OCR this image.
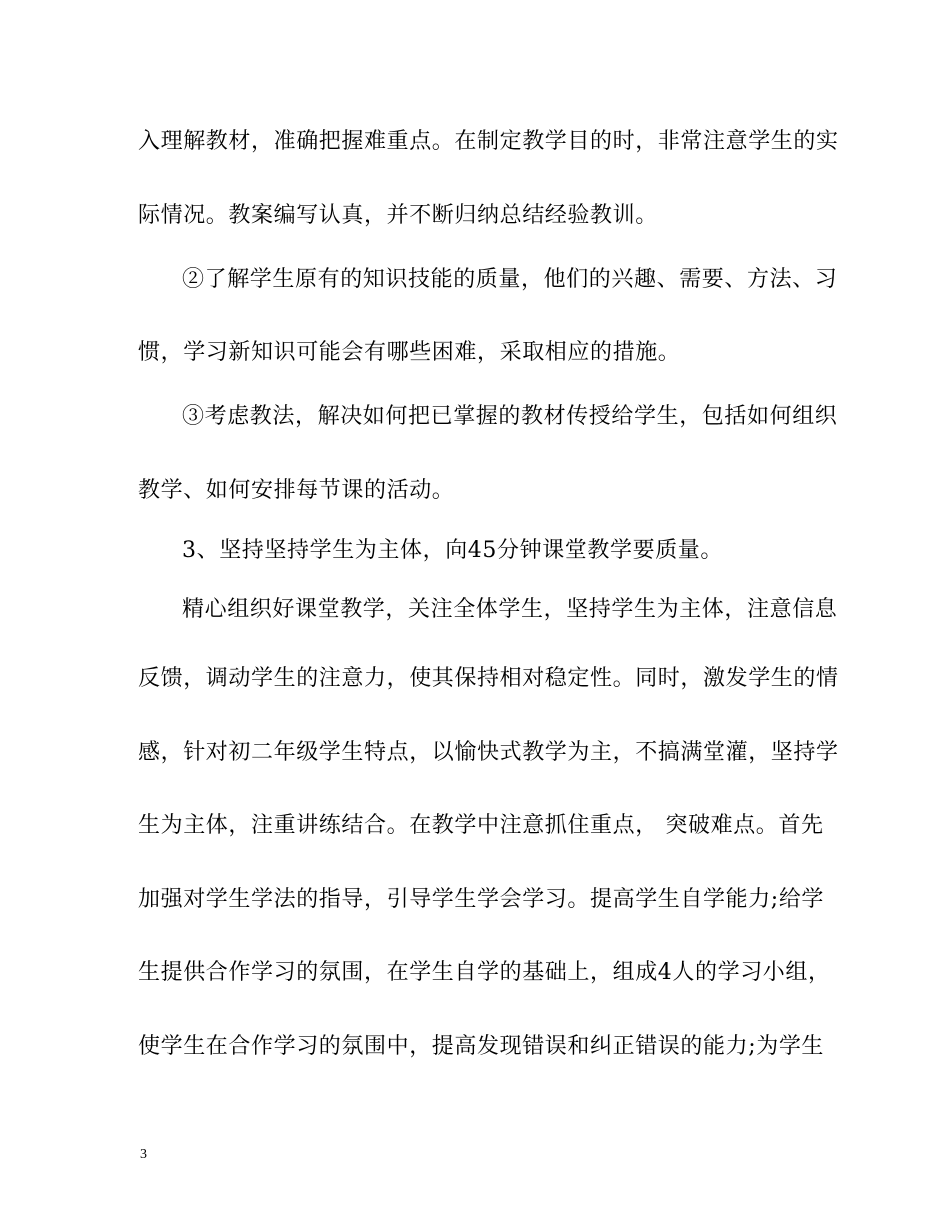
入理解教材，准确把握难重点。在制定教学目的时，非常注意学生的实
际情况。教案编写认真，并不断归纳总结经验教训。
②了解学生原有的知识技能的质量，他们的兴趣、需要、方法、习
惯，学习新知识可能会有哪些困难，采取相应的措施。
③考虑教法，解决如何把已掌握的教材传授给学生，包括如何组织
教学、如何安排每节课的活动。
3、坚持坚持学生为主体，向45分钟课堂教学要质量。
精心组织好课堂教学，关注全体学生，坚持学生为主体，注意信息
反馈，调动学生的注意力，使其保持相对稳定性。同时，激发学生的情
感，针对初二年级学生特点，以愉快式教学为主，不搞满堂灌，坚持学
生为主体，注重讲练结合。在教学中注意抓住重点， 突破难点。首先
加强对学生学法的指导，引导学生学会学习。提高学生自学能力;给学
生提供合作学习的氛围，在学生自学的基础上，组成4人的学习小组，
使学生在合作学习的氛围中，提高发现错误和纠正错误的能力;为学生
3
